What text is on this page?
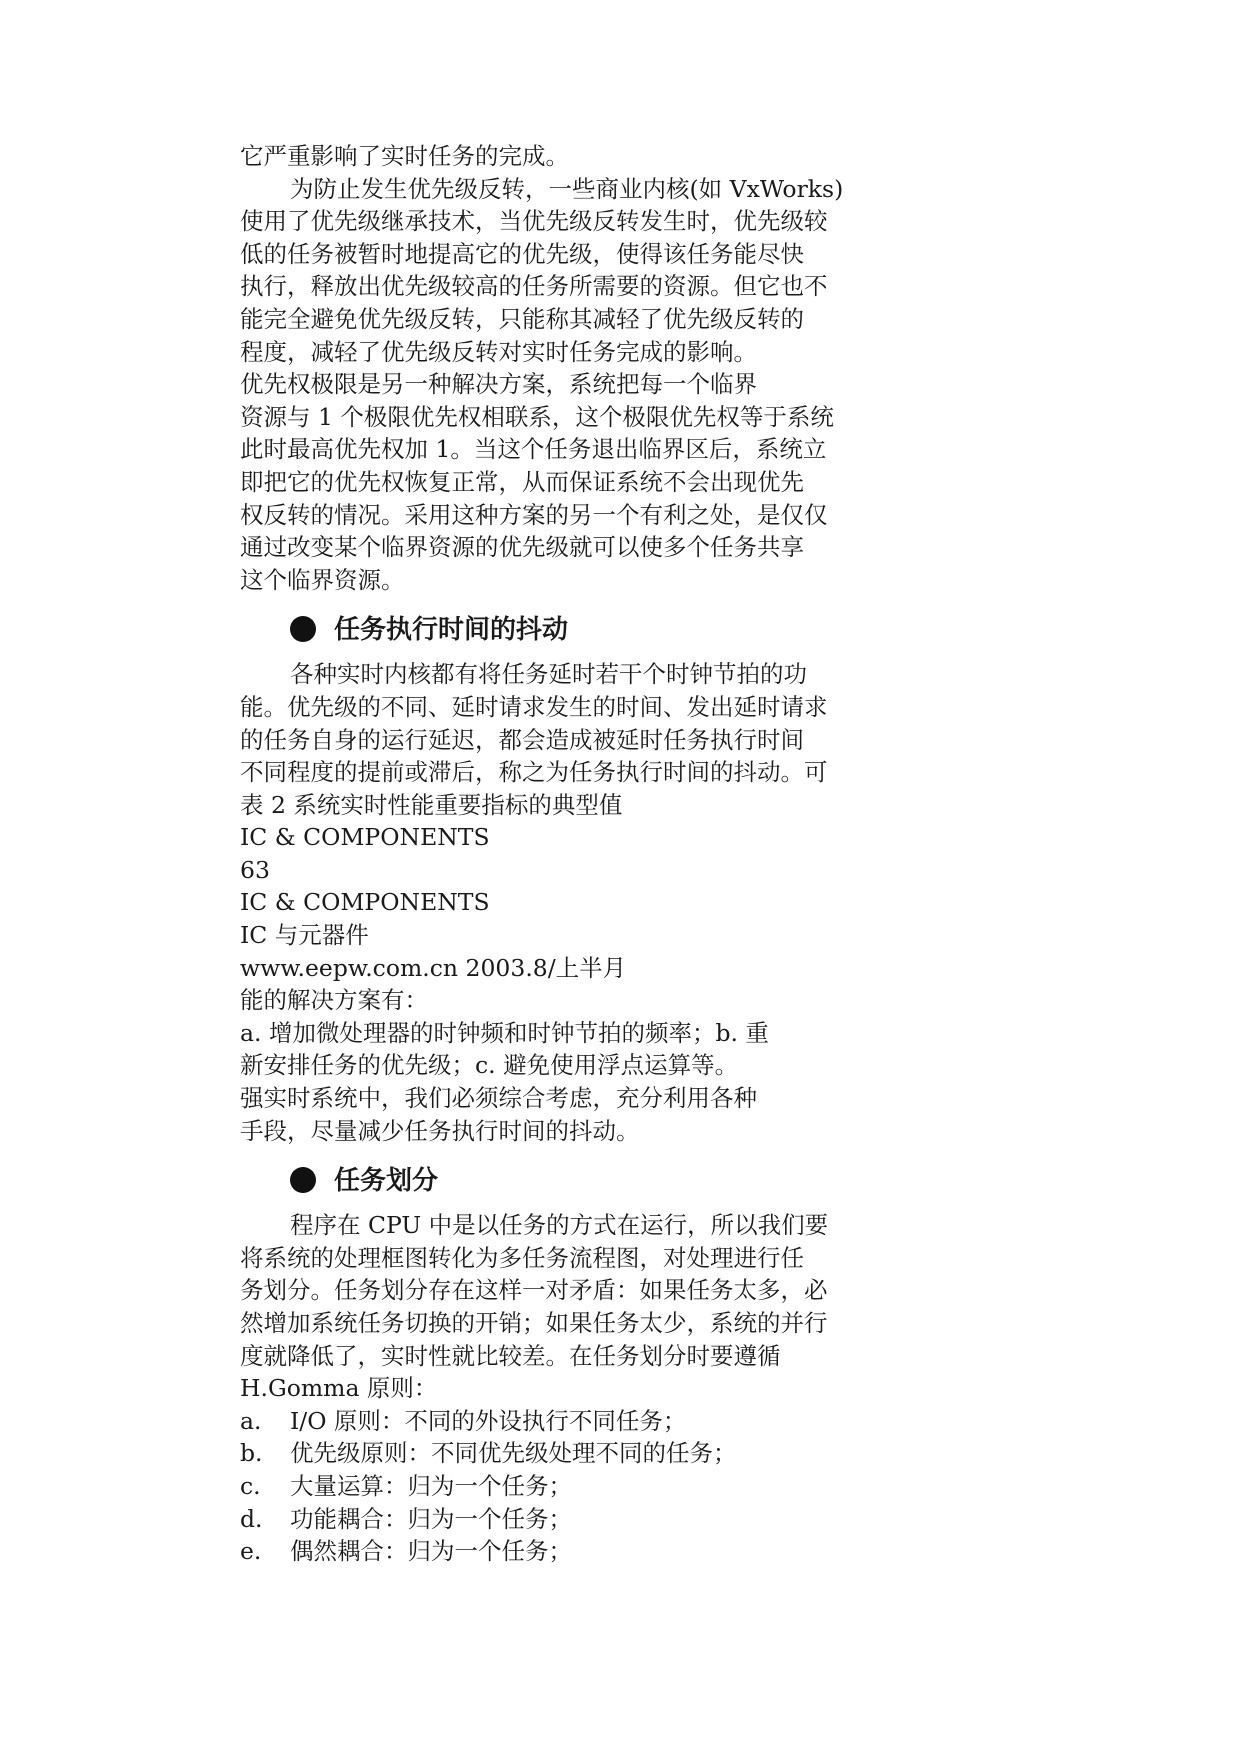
它严重影响了实时任务的完成。
为防止发生优先级反转，一些商业内核(如 VxWorks)
使用了优先级继承技术，当优先级反转发生时，优先级较
低的任务被暂时地提高它的优先级，使得该任务能尽快
执行，释放出优先级较高的任务所需要的资源。但它也不
能完全避免优先级反转，只能称其减轻了优先级反转的
程度，减轻了优先级反转对实时任务完成的影响。
优先权极限是另一种解决方案，系统把每一个临界
资源与 1 个极限优先权相联系，这个极限优先权等于系统
此时最高优先权加 1。当这个任务退出临界区后，系统立
即把它的优先权恢复正常，从而保证系统不会出现优先
权反转的情况。采用这种方案的另一个有利之处，是仅仅
通过改变某个临界资源的优先级就可以使多个任务共享
这个临界资源。
任务执行时间的抖动
各种实时内核都有将任务延时若干个时钟节拍的功
能。优先级的不同、延时请求发生的时间、发出延时请求
的任务自身的运行延迟，都会造成被延时任务执行时间
不同程度的提前或滞后，称之为任务执行时间的抖动。可
表 2 系统实时性能重要指标的典型值
IC & COMPONENTS
63
IC & COMPONENTS
IC 与元器件
www.eepw.com.cn 2003.8/上半月
能的解决方案有：
a. 增加微处理器的时钟频和时钟节拍的频率；b. 重
新安排任务的优先级；c. 避免使用浮点运算等。
强实时系统中，我们必须综合考虑，充分利用各种
手段，尽量减少任务执行时间的抖动。
任务划分
程序在 CPU 中是以任务的方式在运行，所以我们要
将系统的处理框图转化为多任务流程图，对处理进行任
务划分。任务划分存在这样一对矛盾：如果任务太多，必
然增加系统任务切换的开销；如果任务太少，系统的并行
度就降低了，实时性就比较差。在任务划分时要遵循
H.Gomma 原则：
a. I/O 原则：不同的外设执行不同任务；
b. 优先级原则：不同优先级处理不同的任务；
c. 大量运算：归为一个任务；
d. 功能耦合：归为一个任务；
e. 偶然耦合：归为一个任务；
